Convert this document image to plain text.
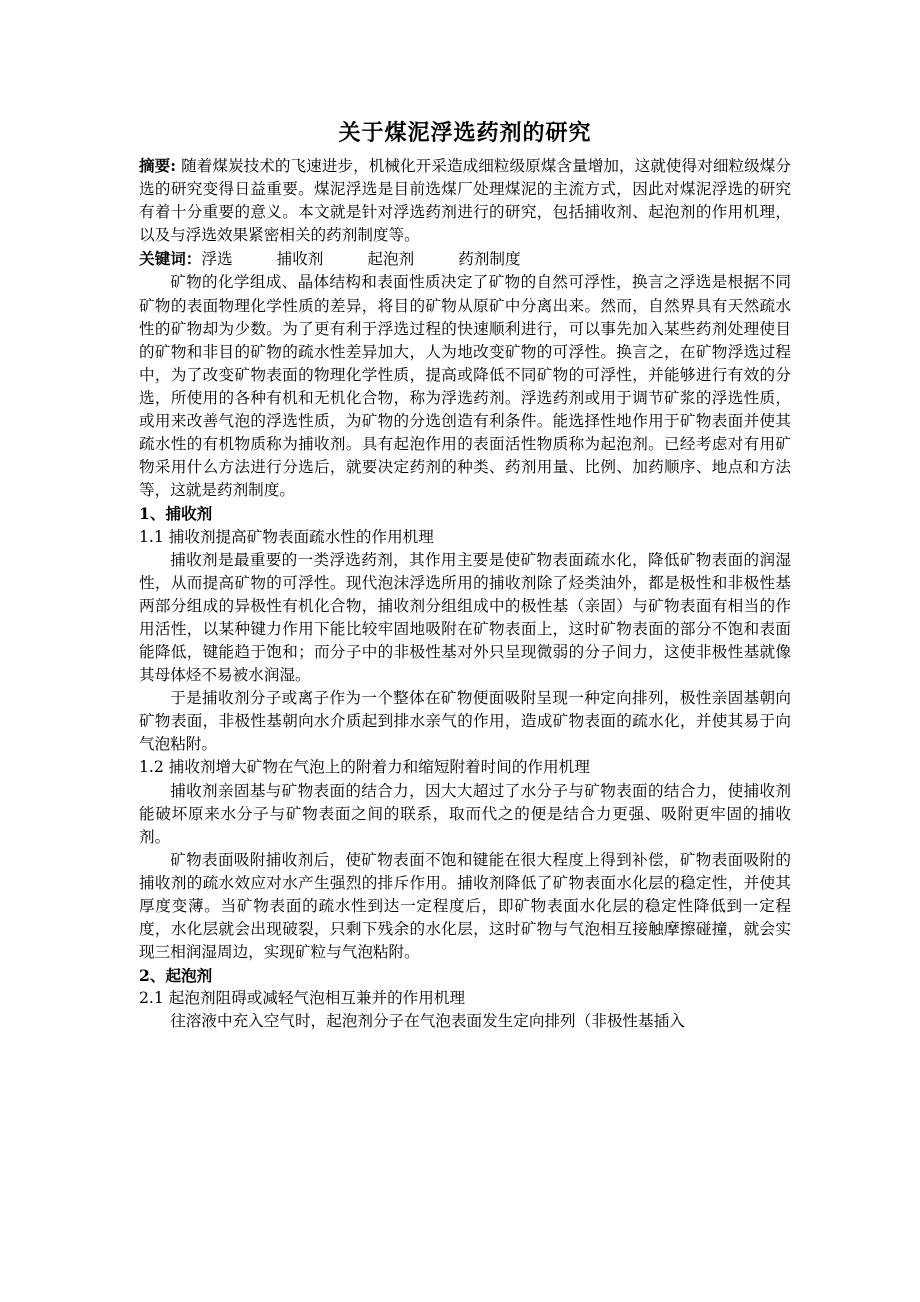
关于煤泥浮选药剂的研究

摘要: 随着煤炭技术的飞速进步，机械化开采造成细粒级原煤含量增加，这就使得对细粒级煤分选的研究变得日益重要。煤泥浮选是目前选煤厂处理煤泥的主流方式，因此对煤泥浮选的研究有着十分重要的意义。本文就是针对浮选药剂进行的研究，包括捕收剂、起泡剂的作用机理，以及与浮选效果紧密相关的药剂制度等。

关键词：浮选	捕收剂	起泡剂	药剂制度

矿物的化学组成、晶体结构和表面性质决定了矿物的自然可浮性，换言之浮选是根据不同矿物的表面物理化学性质的差异，将目的矿物从原矿中分离出来。然而，自然界具有天然疏水性的矿物却为少数。为了更有利于浮选过程的快速顺利进行，可以事先加入某些药剂处理使目的矿物和非目的矿物的疏水性差异加大，人为地改变矿物的可浮性。换言之，在矿物浮选过程中，为了改变矿物表面的物理化学性质，提高或降低不同矿物的可浮性，并能够进行有效的分选，所使用的各种有机和无机化合物，称为浮选药剂。浮选药剂或用于调节矿浆的浮选性质，或用来改善气泡的浮选性质，为矿物的分选创造有利条件。能选择性地作用于矿物表面并使其疏水性的有机物质称为捕收剂。具有起泡作用的表面活性物质称为起泡剂。已经考虑对有用矿物采用什么方法进行分选后，就要决定药剂的种类、药剂用量、比例、加药顺序、地点和方法等，这就是药剂制度。

1、捕收剂

1.1 捕收剂提高矿物表面疏水性的作用机理

捕收剂是最重要的一类浮选药剂，其作用主要是使矿物表面疏水化，降低矿物表面的润湿性，从而提高矿物的可浮性。现代泡沫浮选所用的捕收剂除了烃类油外，都是极性和非极性基两部分组成的异极性有机化合物，捕收剂分组组成中的极性基（亲固）与矿物表面有相当的作用活性，以某种键力作用下能比较牢固地吸附在矿物表面上，这时矿物表面的部分不饱和表面能降低，键能趋于饱和；而分子中的非极性基对外只呈现微弱的分子间力，这使非极性基就像其母体烃不易被水润湿。

于是捕收剂分子或离子作为一个整体在矿物便面吸附呈现一种定向排列，极性亲固基朝向矿物表面，非极性基朝向水介质起到排水亲气的作用，造成矿物表面的疏水化，并使其易于向气泡粘附。

1.2 捕收剂增大矿物在气泡上的附着力和缩短附着时间的作用机理

捕收剂亲固基与矿物表面的结合力，因大大超过了水分子与矿物表面的结合力，使捕收剂能破坏原来水分子与矿物表面之间的联系，取而代之的便是结合力更强、吸附更牢固的捕收剂。

矿物表面吸附捕收剂后，使矿物表面不饱和键能在很大程度上得到补偿，矿物表面吸附的捕收剂的疏水效应对水产生强烈的排斥作用。捕收剂降低了矿物表面水化层的稳定性，并使其厚度变薄。当矿物表面的疏水性到达一定程度后，即矿物表面水化层的稳定性降低到一定程度，水化层就会出现破裂，只剩下残余的水化层，这时矿物与气泡相互接触摩擦碰撞，就会实现三相润湿周边，实现矿粒与气泡粘附。

2、起泡剂

2.1 起泡剂阻碍或减轻气泡相互兼并的作用机理

往溶液中充入空气时，起泡剂分子在气泡表面发生定向排列（非极性基插入
